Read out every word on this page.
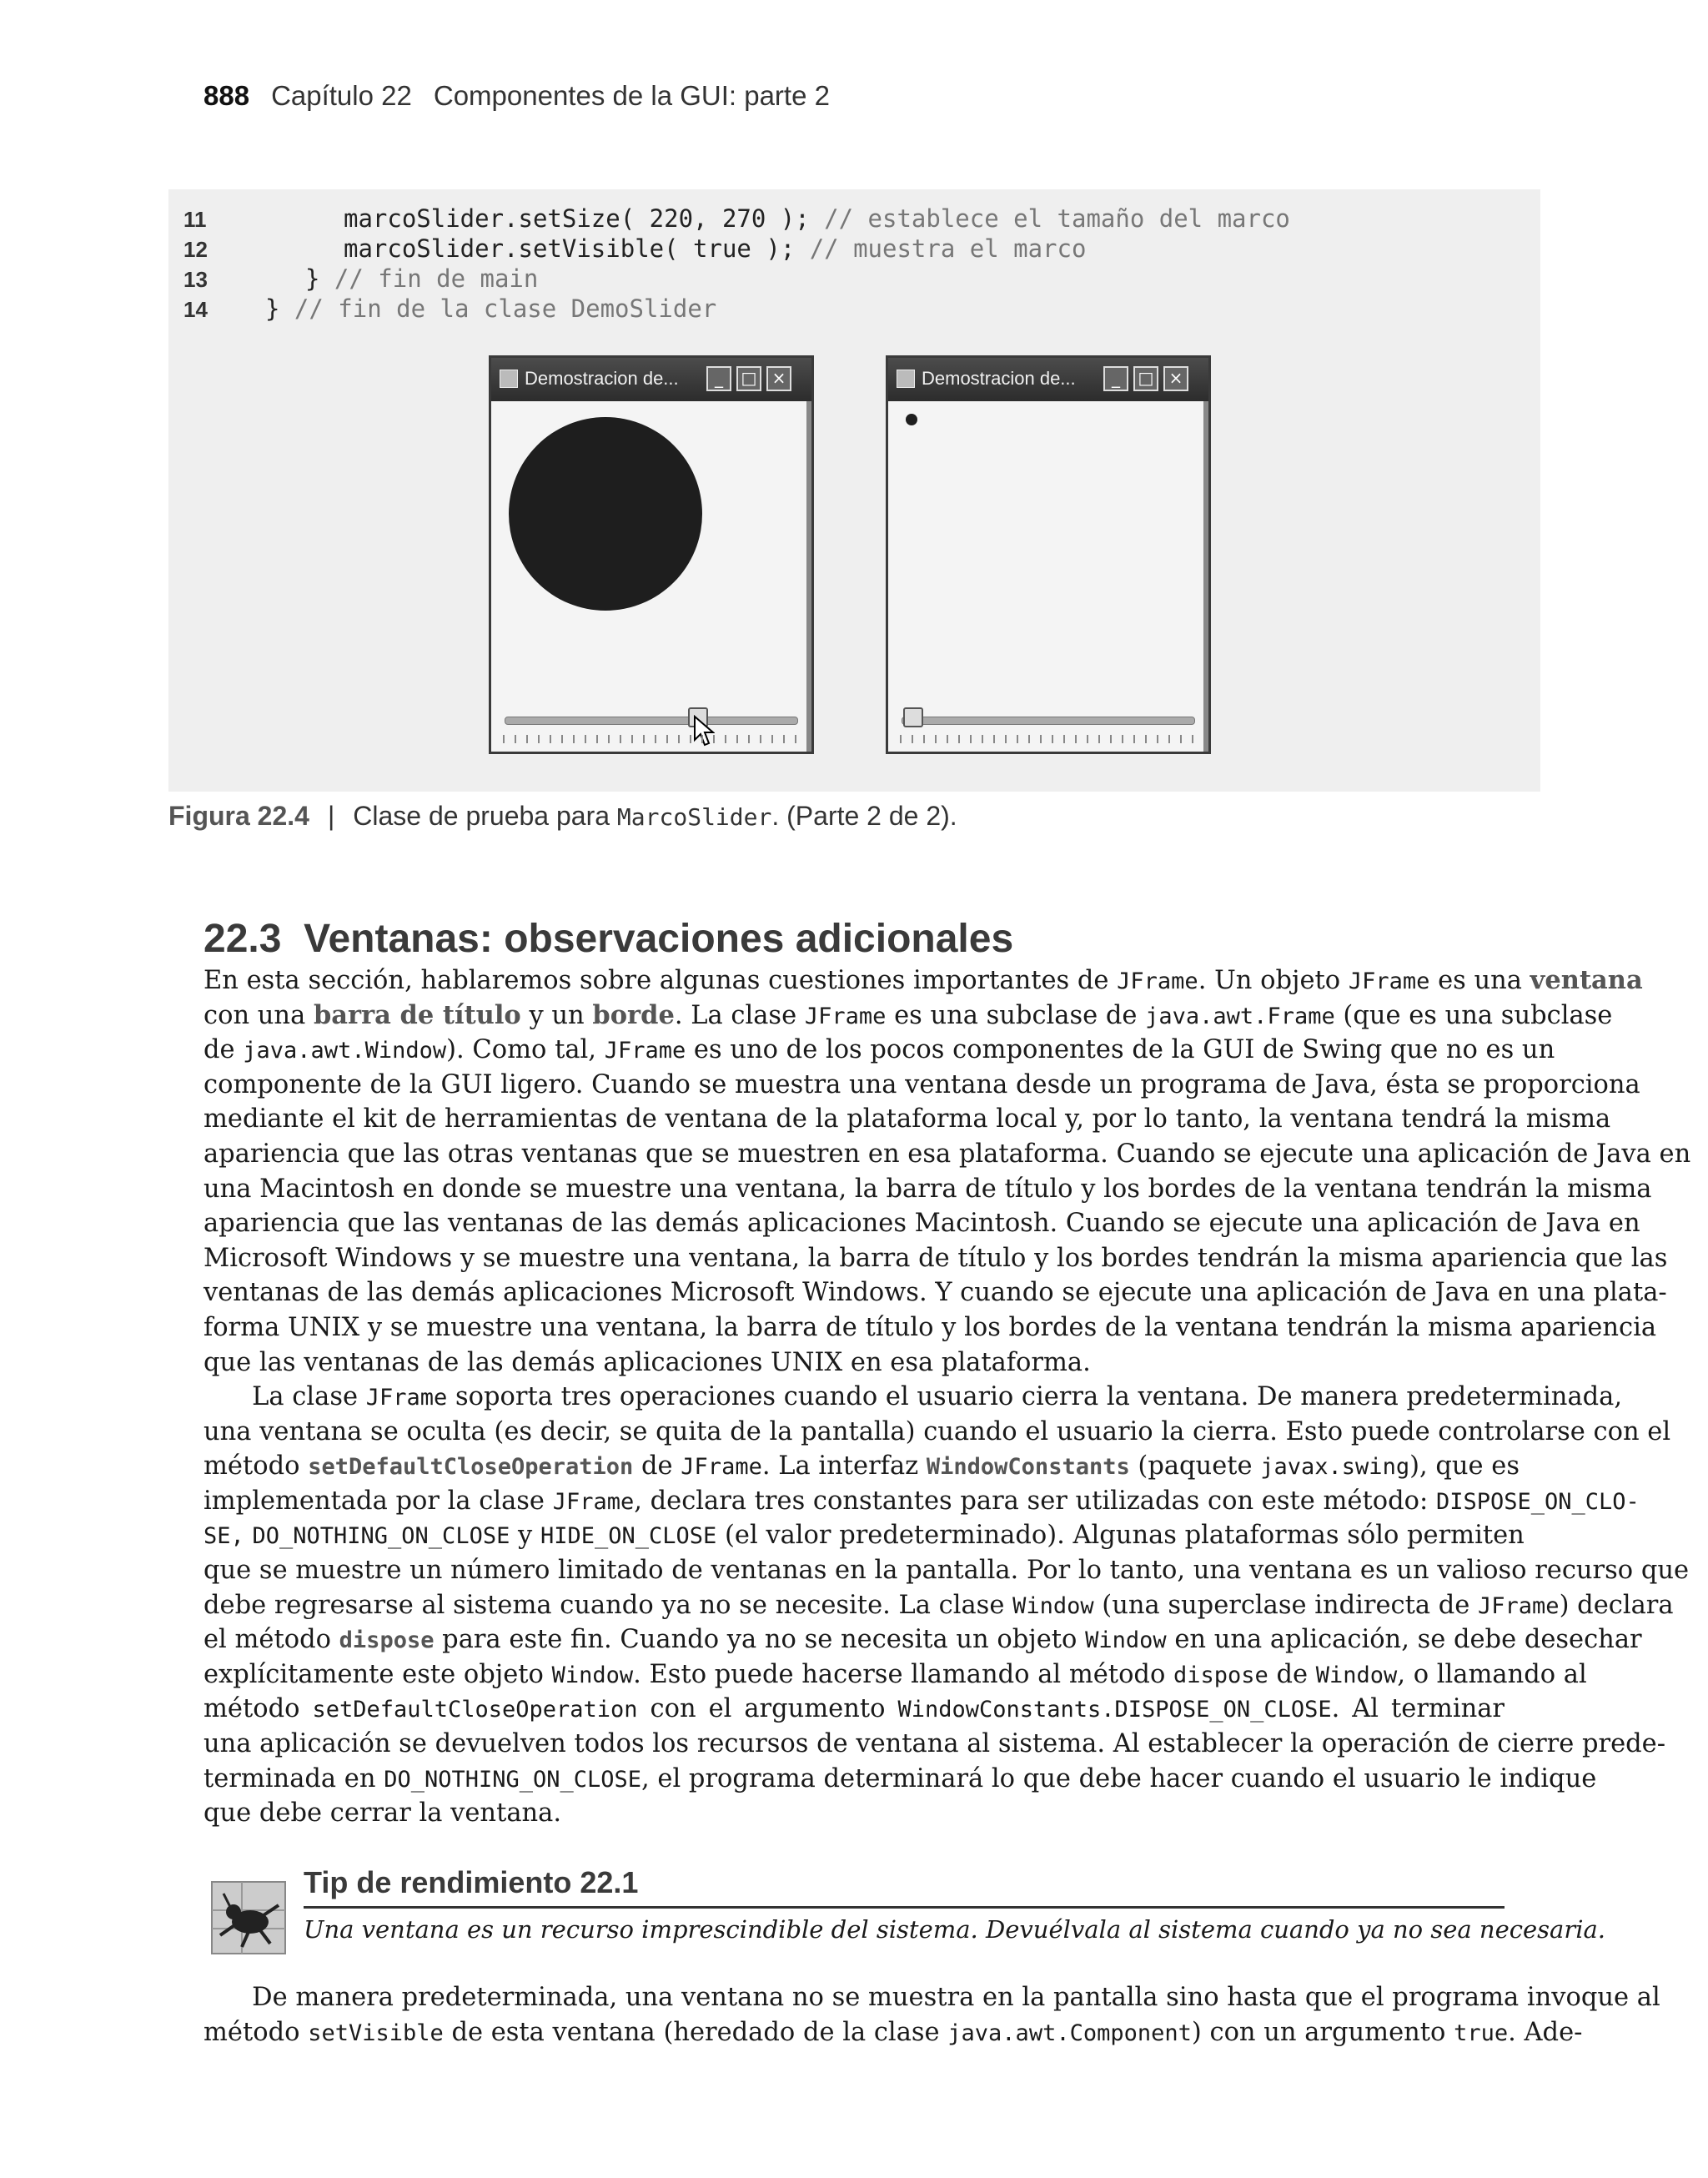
888 Capítulo 22 Componentes de la GUI: parte 2
11	marcoSlider.setSize( 220, 270 ); // establece el tamaño del marco
12	marcoSlider.setVisible( true ); // muestra el marco
13	} // fin de main
14 } // fin de la clase DemoSlider
Demostracion de...	_	□ ×	Demostracion de...	_	□ ×
Figura 22.4 | Clase de prueba para MarcoSlider. (Parte 2 de 2).
22.3 Ventanas: observaciones adicionales
En esta sección, hablaremos sobre algunas cuestiones importantes de JFrame. Un objeto JFrame es una ventana
con una barra de título y un borde. La clase JFrame es una subclase de java.awt.Frame (que es una subclase
de java.awt.Window). Como tal, JFrame es uno de los pocos componentes de la GUI de Swing que no es un
componente de la GUI ligero. Cuando se muestra una ventana desde un programa de Java, ésta se proporciona
mediante el kit de herramientas de ventana de la plataforma local y, por lo tanto, la ventana tendrá la misma
apariencia que las otras ventanas que se muestren en esa plataforma. Cuando se ejecute una aplicación de Java en
una Macintosh en donde se muestre una ventana, la barra de título y los bordes de la ventana tendrán la misma
apariencia que las ventanas de las demás aplicaciones Macintosh. Cuando se ejecute una aplicación de Java en
Microsoft Windows y se muestre una ventana, la barra de título y los bordes tendrán la misma apariencia que las
ventanas de las demás aplicaciones Microsoft Windows. Y cuando se ejecute una aplicación de Java en una plata-
forma UNIX y se muestre una ventana, la barra de título y los bordes de la ventana tendrán la misma apariencia
que las ventanas de las demás aplicaciones UNIX en esa plataforma.
La clase JFrame soporta tres operaciones cuando el usuario cierra la ventana. De manera predeterminada,
una ventana se oculta (es decir, se quita de la pantalla) cuando el usuario la cierra. Esto puede controlarse con el
método setDefaultCloseOperation de JFrame. La interfaz WindowConstants (paquete javax.swing), que es
implementada por la clase JFrame, declara tres constantes para ser utilizadas con este método: DISPOSE_ON_CLO-
SE, DO_NOTHING_ON_CLOSE y HIDE_ON_CLOSE (el valor predeterminado). Algunas plataformas sólo permiten
que se muestre un número limitado de ventanas en la pantalla. Por lo tanto, una ventana es un valioso recurso que
debe regresarse al sistema cuando ya no se necesite. La clase Window (una superclase indirecta de JFrame) declara
el método dispose para este fin. Cuando ya no se necesita un objeto Window en una aplicación, se debe desechar
explícitamente este objeto Window. Esto puede hacerse llamando al método dispose de Window, o llamando al
método setDefaultCloseOperation con el argumento WindowConstants.DISPOSE_ON_CLOSE. Al terminar
una aplicación se devuelven todos los recursos de ventana al sistema. Al establecer la operación de cierre prede-
terminada en DO_NOTHING_ON_CLOSE, el programa determinará lo que debe hacer cuando el usuario le indique
que debe cerrar la ventana.
Tip de rendimiento 22.1
Una ventana es un recurso imprescindible del sistema. Devuélvala al sistema cuando ya no sea necesaria.
De manera predeterminada, una ventana no se muestra en la pantalla sino hasta que el programa invoque al
método setVisible de esta ventana (heredado de la clase java.awt.Component) con un argumento true. Ade-
